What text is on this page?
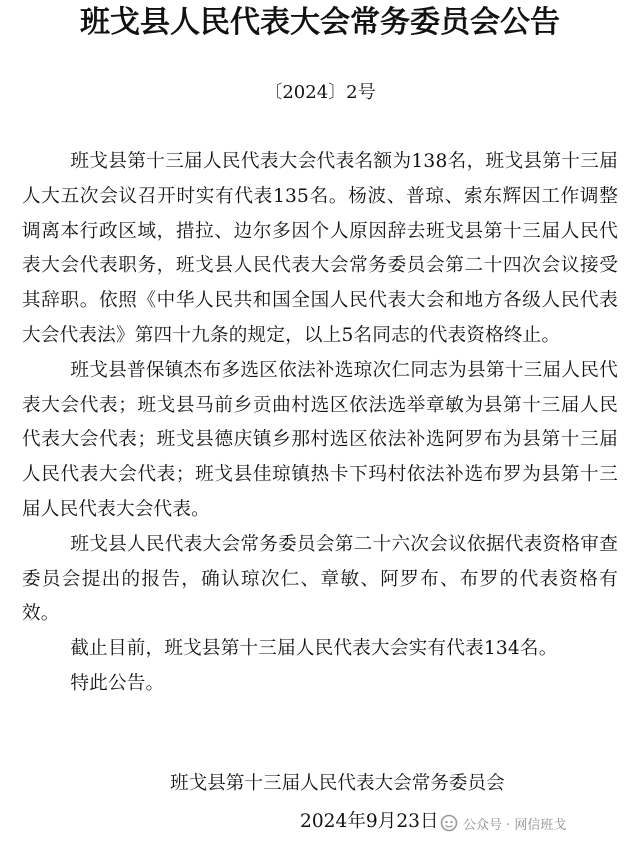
班戈县人民代表大会常务委员会公告
〔2024〕2号

班戈县第十三届人民代表大会代表名额为138名，班戈县第十三届人大五次会议召开时实有代表135名。杨波、普琼、索东辉因工作调整调离本行政区域，措拉、边尔多因个人原因辞去班戈县第十三届人民代表大会代表职务，班戈县人民代表大会常务委员会第二十四次会议接受其辞职。依照《中华人民共和国全国人民代表大会和地方各级人民代表大会代表法》第四十九条的规定，以上5名同志的代表资格终止。

班戈县普保镇杰布多选区依法补选琼次仁同志为县第十三届人民代表大会代表；班戈县马前乡贡曲村选区依法选举章敏为县第十三届人民代表大会代表；班戈县德庆镇乡那村选区依法补选阿罗布为县第十三届人民代表大会代表；班戈县佳琼镇热卡下玛村依法补选布罗为县第十三届人民代表大会代表。

班戈县人民代表大会常务委员会第二十六次会议依据代表资格审查委员会提出的报告，确认琼次仁、章敏、阿罗布、布罗的代表资格有效。

截止目前，班戈县第十三届人民代表大会实有代表134名。

特此公告。

班戈县第十三届人民代表大会常务委员会
2024年9月23日 公众号 · 网信班戈
